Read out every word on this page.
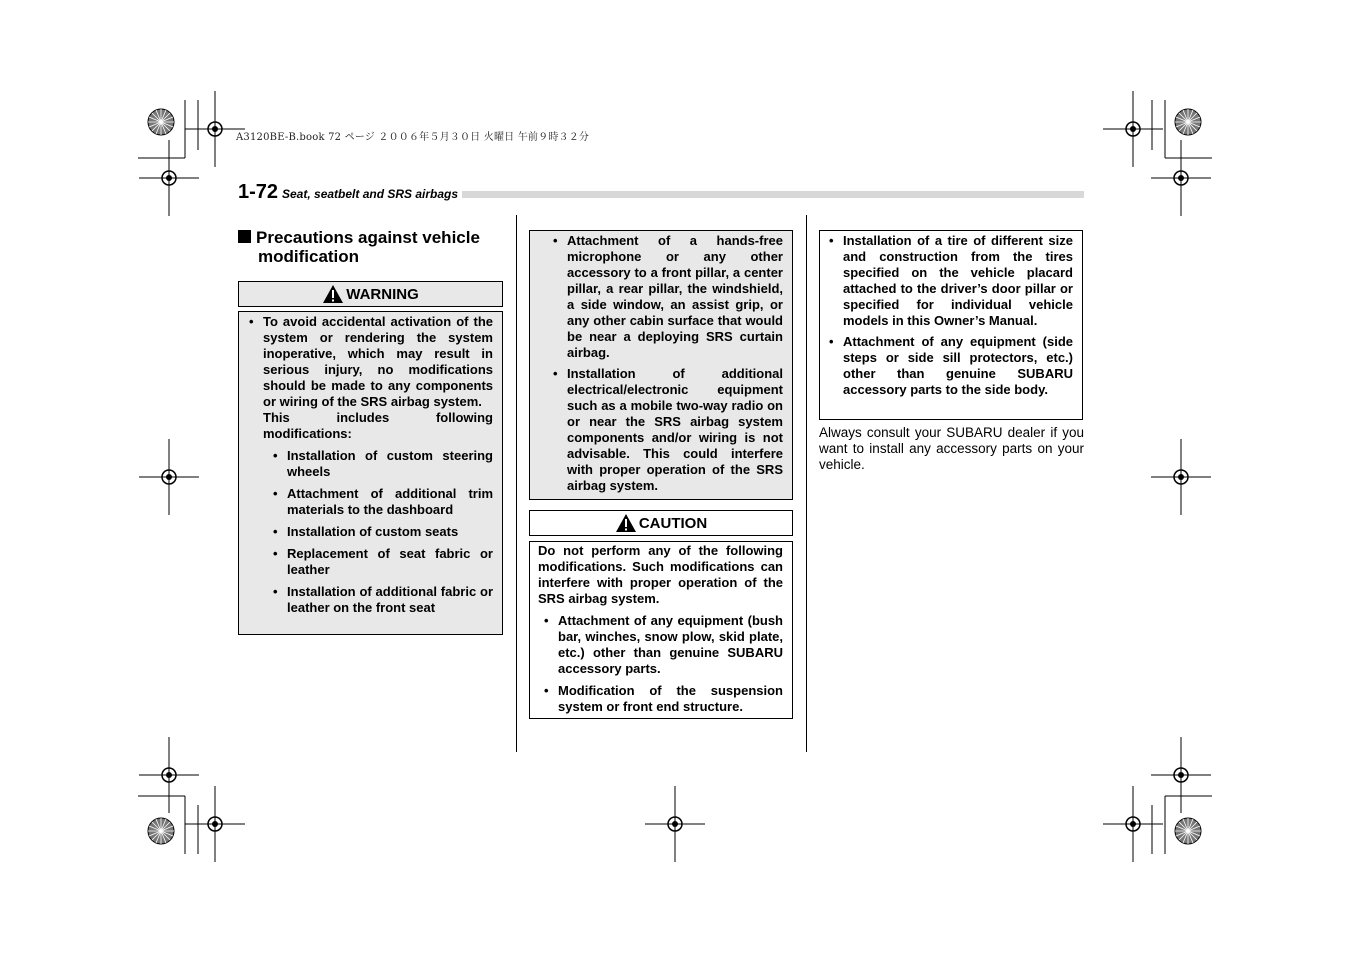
A3120BE-B.book 72 ページ ２００６年５月３０日 火曜日 午前９時３２分
1-72 Seat, seatbelt and SRS airbags
Precautions against vehicle
modification
WARNING
• To avoid accidental activation of the system or rendering the system inoperative, which may result in serious injury, no modifications should be made to any components or wiring of the SRS airbag system.
This includes following modifications:
• Installation of custom steering wheels
• Attachment of additional trim materials to the dashboard
• Installation of custom seats
• Replacement of seat fabric or leather
• Installation of additional fabric or leather on the front seat
• Attachment of a hands-free microphone or any other accessory to a front pillar, a center pillar, a rear pillar, the windshield, a side window, an assist grip, or any other cabin surface that would be near a deploying SRS curtain airbag.
• Installation of additional electrical/electronic equipment such as a mobile two-way radio on or near the SRS airbag system components and/or wiring is not advisable. This could interfere with proper operation of the SRS airbag system.
CAUTION
Do not perform any of the following modifications. Such modifications can interfere with proper operation of the SRS airbag system.
• Attachment of any equipment (bush bar, winches, snow plow, skid plate, etc.) other than genuine SUBARU accessory parts.
• Modification of the suspension system or front end structure.
• Installation of a tire of different size and construction from the tires specified on the vehicle placard attached to the driver’s door pillar or specified for individual vehicle models in this Owner’s Manual.
• Attachment of any equipment (side steps or side sill protectors, etc.) other than genuine SUBARU accessory parts to the side body.
Always consult your SUBARU dealer if you want to install any accessory parts on your vehicle.
